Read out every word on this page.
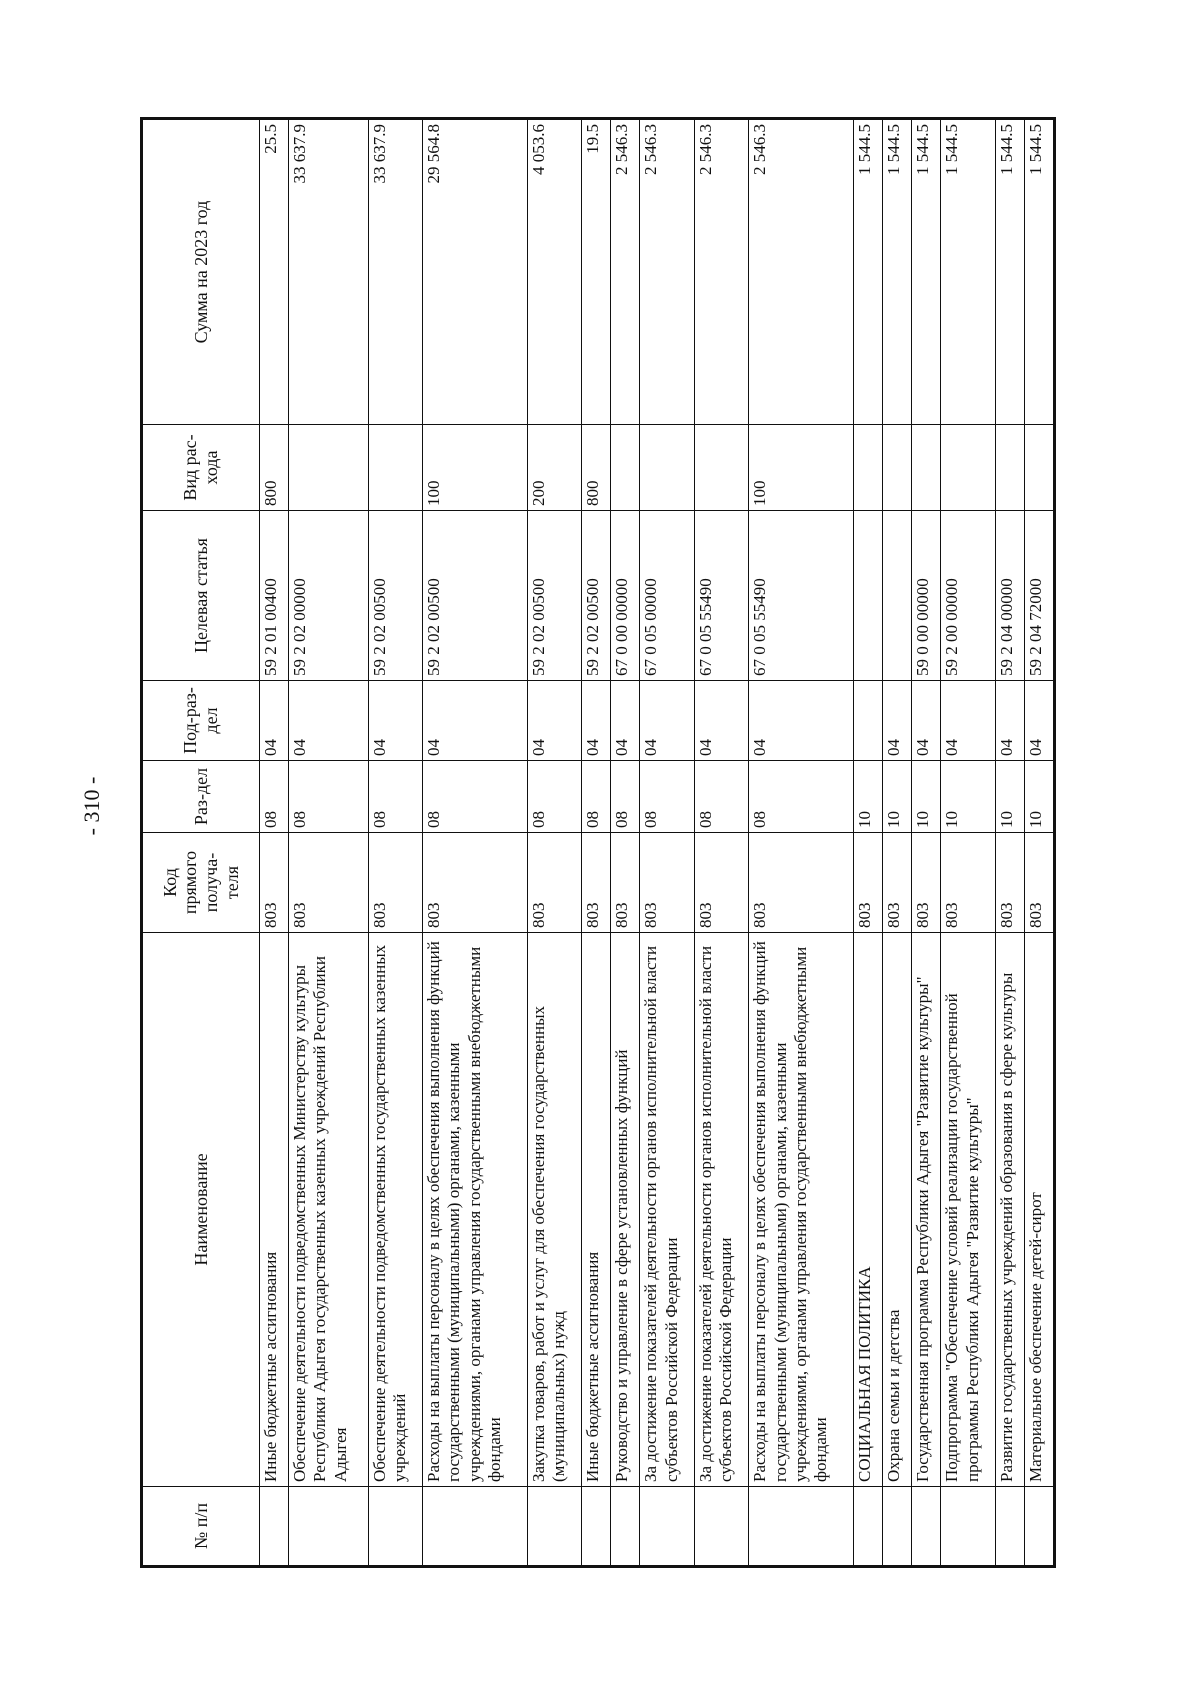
- 310 -
№ п/п	Наименование	Код прямого получа-теля	Раз-дел	Под-раз-дел	Целевая статья	Вид рас-хода	Сумма на 2023 год
	Иные бюджетные ассигнования	803	08	04	59 2 01 00400	800	25.5
	Обеспечение деятельности подведомственных Министерству культуры Республики Адыгея государственных казенных учреждений Республики Адыгея	803	08	04	59 2 02 00000		33 637.9
	Обеспечение деятельности подведомственных государственных казенных учреждений	803	08	04	59 2 02 00500		33 637.9
	Расходы на выплаты персоналу в целях обеспечения выполнения функций государственными (муниципальными) органами, казенными учреждениями, органами управления государственными внебюджетными фондами	803	08	04	59 2 02 00500	100	29 564.8
	Закупка товаров, работ и услуг для обеспечения государственных (муниципальных) нужд	803	08	04	59 2 02 00500	200	4 053.6
	Иные бюджетные ассигнования	803	08	04	59 2 02 00500	800	19.5
	Руководство и управление в сфере установленных функций	803	08	04	67 0 00 00000		2 546.3
	За достижение показателей деятельности органов исполнительной власти субъектов Российской Федерации	803	08	04	67 0 05 00000		2 546.3
	За достижение показателей деятельности органов исполнительной власти субъектов Российской Федерации	803	08	04	67 0 05 55490		2 546.3
	Расходы на выплаты персоналу в целях обеспечения выполнения функций государственными (муниципальными) органами, казенными учреждениями, органами управления государственными внебюджетными фондами	803	08	04	67 0 05 55490	100	2 546.3
	СОЦИАЛЬНАЯ ПОЛИТИКА	803	10				1 544.5
	Охрана семьи и детства	803	10	04			1 544.5
	Государственная программа Республики Адыгея "Развитие культуры"	803	10	04	59 0 00 00000		1 544.5
	Подпрограмма "Обеспечение условий реализации государственной программы Республики Адыгея "Развитие культуры"	803	10	04	59 2 00 00000		1 544.5
	Развитие государственных учреждений образования в сфере культуры	803	10	04	59 2 04 00000		1 544.5
	Материальное обеспечение детей-сирот	803	10	04	59 2 04 72000		1 544.5
